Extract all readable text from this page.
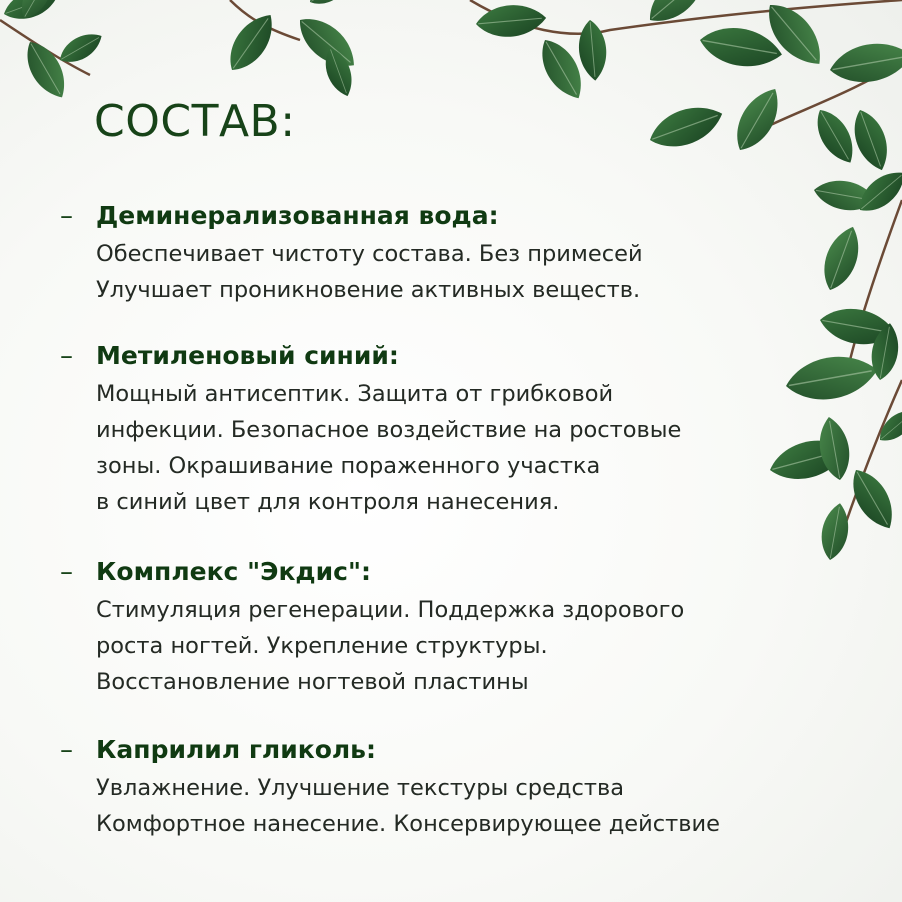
СОСТАВ:
– Деминерализованная вода:
Обеспечивает чистоту состава. Без примесей
Улучшает проникновение активных веществ.
– Метиленовый синий:
Мощный антисептик. Защита от грибковой
инфекции. Безопасное воздействие на ростовые
зоны. Окрашивание пораженного участка
в синий цвет для контроля нанесения.
– Комплекс "Экдис":
Стимуляция регенерации. Поддержка здорового
роста ногтей. Укрепление структуры.
Восстановление ногтевой пластины
– Каприлил гликоль:
Увлажнение. Улучшение текстуры средства
Комфортное нанесение. Консервирующее действие
